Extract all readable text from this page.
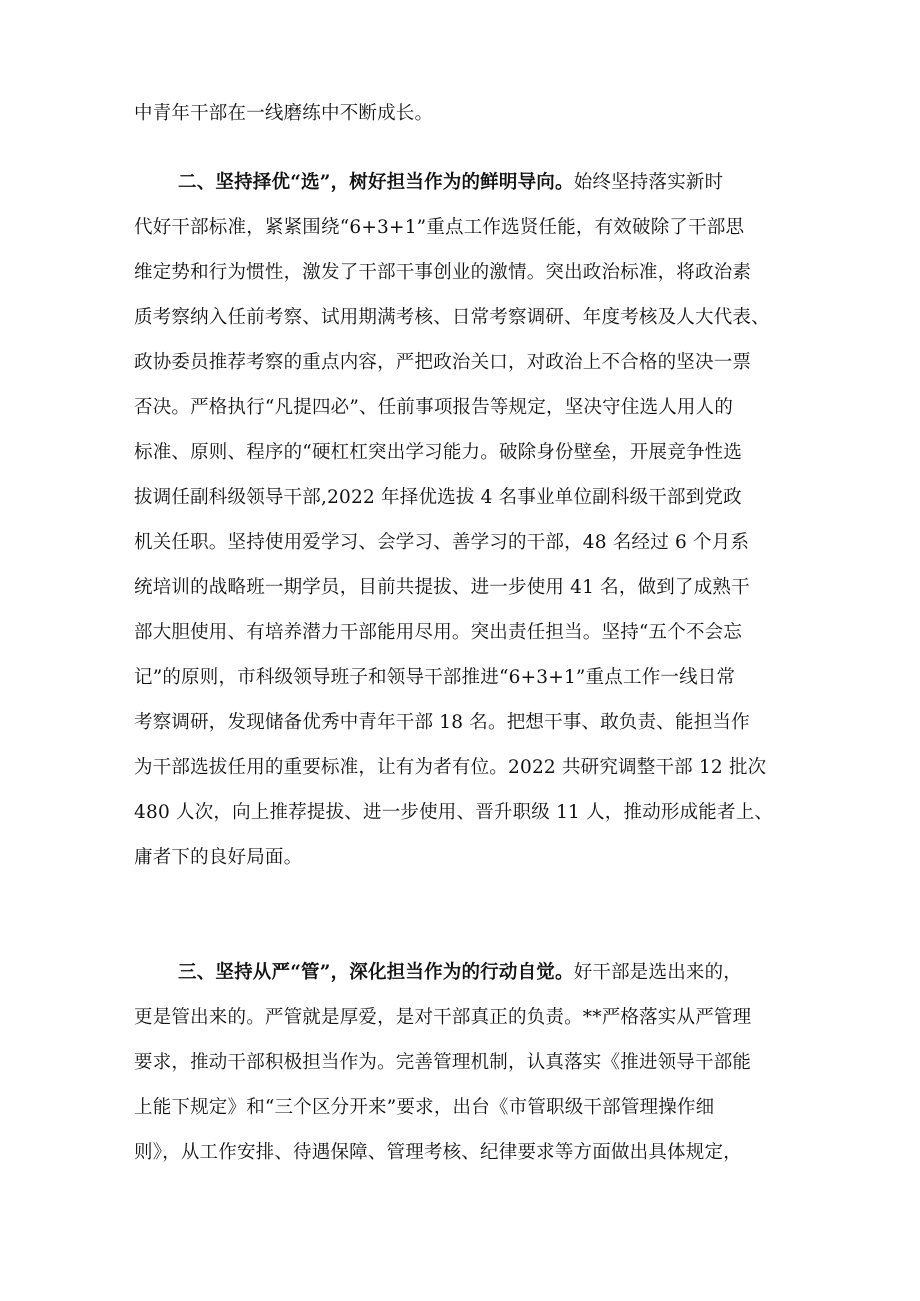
中青年干部在一线磨练中不断成长。
二、坚持择优“选”，树好担当作为的鲜明导向。始终坚持落实新时
代好干部标准，紧紧围绕“6+3+1”重点工作选贤任能，有效破除了干部思
维定势和行为惯性，激发了干部干事创业的激情。突出政治标准，将政治素
质考察纳入任前考察、试用期满考核、日常考察调研、年度考核及人大代表、
政协委员推荐考察的重点内容，严把政治关口，对政治上不合格的坚决一票
否决。严格执行“凡提四必”、任前事项报告等规定，坚决守住选人用人的
标准、原则、程序的“硬杠杠突出学习能力。破除身份壁垒，开展竞争性选
拔调任副科级领导干部,2022 年择优选拔 4 名事业单位副科级干部到党政
机关任职。坚持使用爱学习、会学习、善学习的干部，48 名经过 6 个月系
统培训的战略班一期学员，目前共提拔、进一步使用 41 名，做到了成熟干
部大胆使用、有培养潜力干部能用尽用。突出责任担当。坚持“五个不会忘
记”的原则，市科级领导班子和领导干部推进“6+3+1”重点工作一线日常
考察调研，发现储备优秀中青年干部 18 名。把想干事、敢负责、能担当作
为干部选拔任用的重要标准，让有为者有位。2022 共研究调整干部 12 批次
480 人次，向上推荐提拔、进一步使用、晋升职级 11 人，推动形成能者上、
庸者下的良好局面。
三、坚持从严“管”，深化担当作为的行动自觉。好干部是选出来的，
更是管出来的。严管就是厚爱，是对干部真正的负责。**严格落实从严管理
要求，推动干部积极担当作为。完善管理机制，认真落实《推进领导干部能
上能下规定》和“三个区分开来”要求，出台《市管职级干部管理操作细
则》，从工作安排、待遇保障、管理考核、纪律要求等方面做出具体规定，
